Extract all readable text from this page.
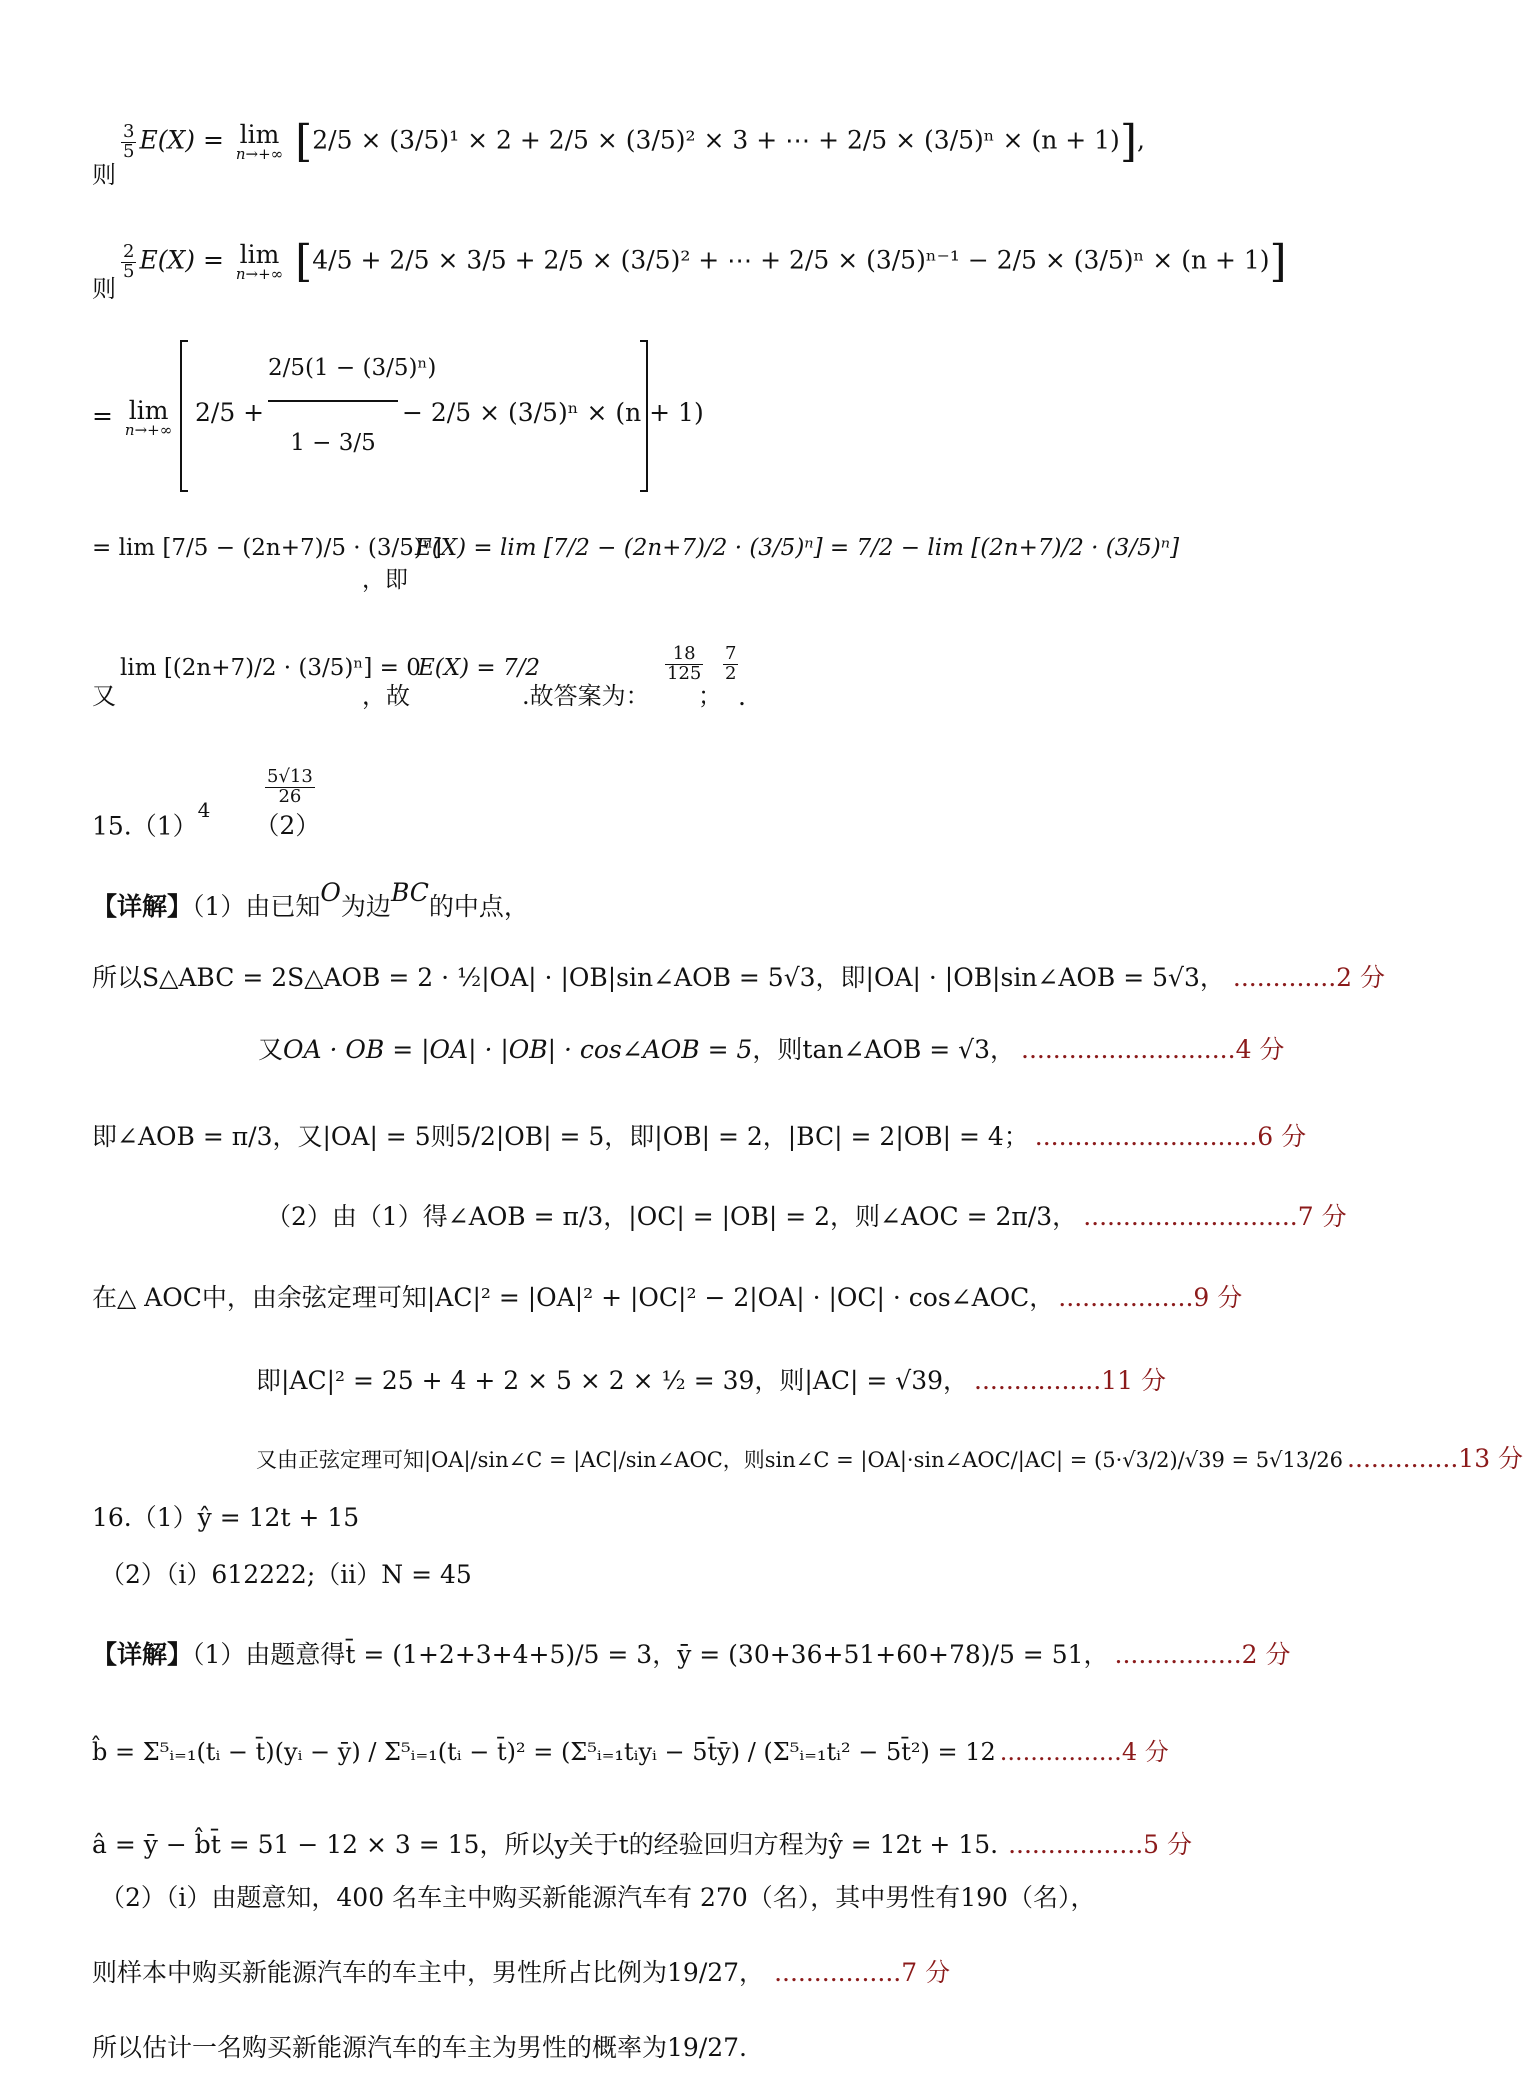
则
$\frac{3}{5} E(X) = \lim$
n→+∞ [2/5 × (3/5)¹ × 2 + 2/5 × (3/5)² × 3 + ⋯ + 2/5 × (3/5)ⁿ × (n + 1)],
则
$\frac{2}{5} E(X) = \lim$
n→+∞ [4/5 + 2/5 × 3/5 + 2/5 × (3/5)² + ⋯ + 2/5 × (3/5)ⁿ⁻¹ − 2/5 × (3/5)ⁿ × (n + 1)]
= lim
n→+∞
2/5 +
2/5(1 − (3/5)ⁿ)
1 − 3/5
− 2/5 × (3/5)ⁿ × (n + 1)
= lim [7/5 − (2n+7)/5 · (3/5)ⁿ]
，即
E(X) = lim [7/2 − (2n+7)/2 · (3/5)ⁿ] = 7/2 − lim [(2n+7)/2 · (3/5)ⁿ]
又
lim [(2n+7)/2 · (3/5)ⁿ] = 0
，故
E(X) = 7/2
.故答案为：
$\frac{18}{125}$
；
$\frac{7}{2}$
.
$15.(1)^4$ （2）
$\frac{5√13}{26}$
【详解】（1）由已知O为边BC的中点，
所以S△ABC = 2S△AOB = 2 · ½|OA| · |OB|sin∠AOB = 5√3，即|OA| · |OB|sin∠AOB = 5√3， .............2 分
又OA · OB = |OA| · |OB| · cos∠AOB = 5，则tan∠AOB = √3， ...........................4 分
即∠AOB = π/3，又|OA| = 5则5/2|OB| = 5，即|OB| = 2，|BC| = 2|OB| = 4； ............................6 分
（2）由（1）得∠AOB = π/3，|OC| = |OB| = 2，则∠AOC = 2π/3， ...........................7 分
在△ AOC中，由余弦定理可知|AC|² = |OA|² + |OC|² − 2|OA| · |OC| · cos∠AOC， .................9 分
即|AC|² = 25 + 4 + 2 × 5 × 2 × ½ = 39，则|AC| = √39， ................11 分
又由正弦定理可知|OA|/sin∠C = |AC|/sin∠AOC，则sin∠C = |OA|·sin∠AOC/|AC| = (5·√3/2)/√39 = 5√13/26 ..............13 分
16.（1）ŷ = 12t + 15
（2）（i）612222;（ii）N = 45
【详解】（1）由题意得t̄ = (1+2+3+4+5)/5 = 3，ȳ = (30+36+51+60+78)/5 = 51， ................2 分
b̂ = Σ⁵ᵢ₌₁(tᵢ − t̄)(yᵢ − ȳ) / Σ⁵ᵢ₌₁(tᵢ − t̄)² = (Σ⁵ᵢ₌₁tᵢyᵢ − 5t̄ȳ) / (Σ⁵ᵢ₌₁tᵢ² − 5t̄²) = 12 ................4 分
â = ȳ − b̂t̄ = 51 − 12 × 3 = 15，所以y关于t的经验回归方程为ŷ = 12t + 15. .................5 分
（2）（i）由题意知，400 名车主中购买新能源汽车有 270（名），其中男性有190（名），
则样本中购买新能源汽车的车主中，男性所占比例为19/27， ................7 分
所以估计一名购买新能源汽车的车主为男性的概率为19/27.
